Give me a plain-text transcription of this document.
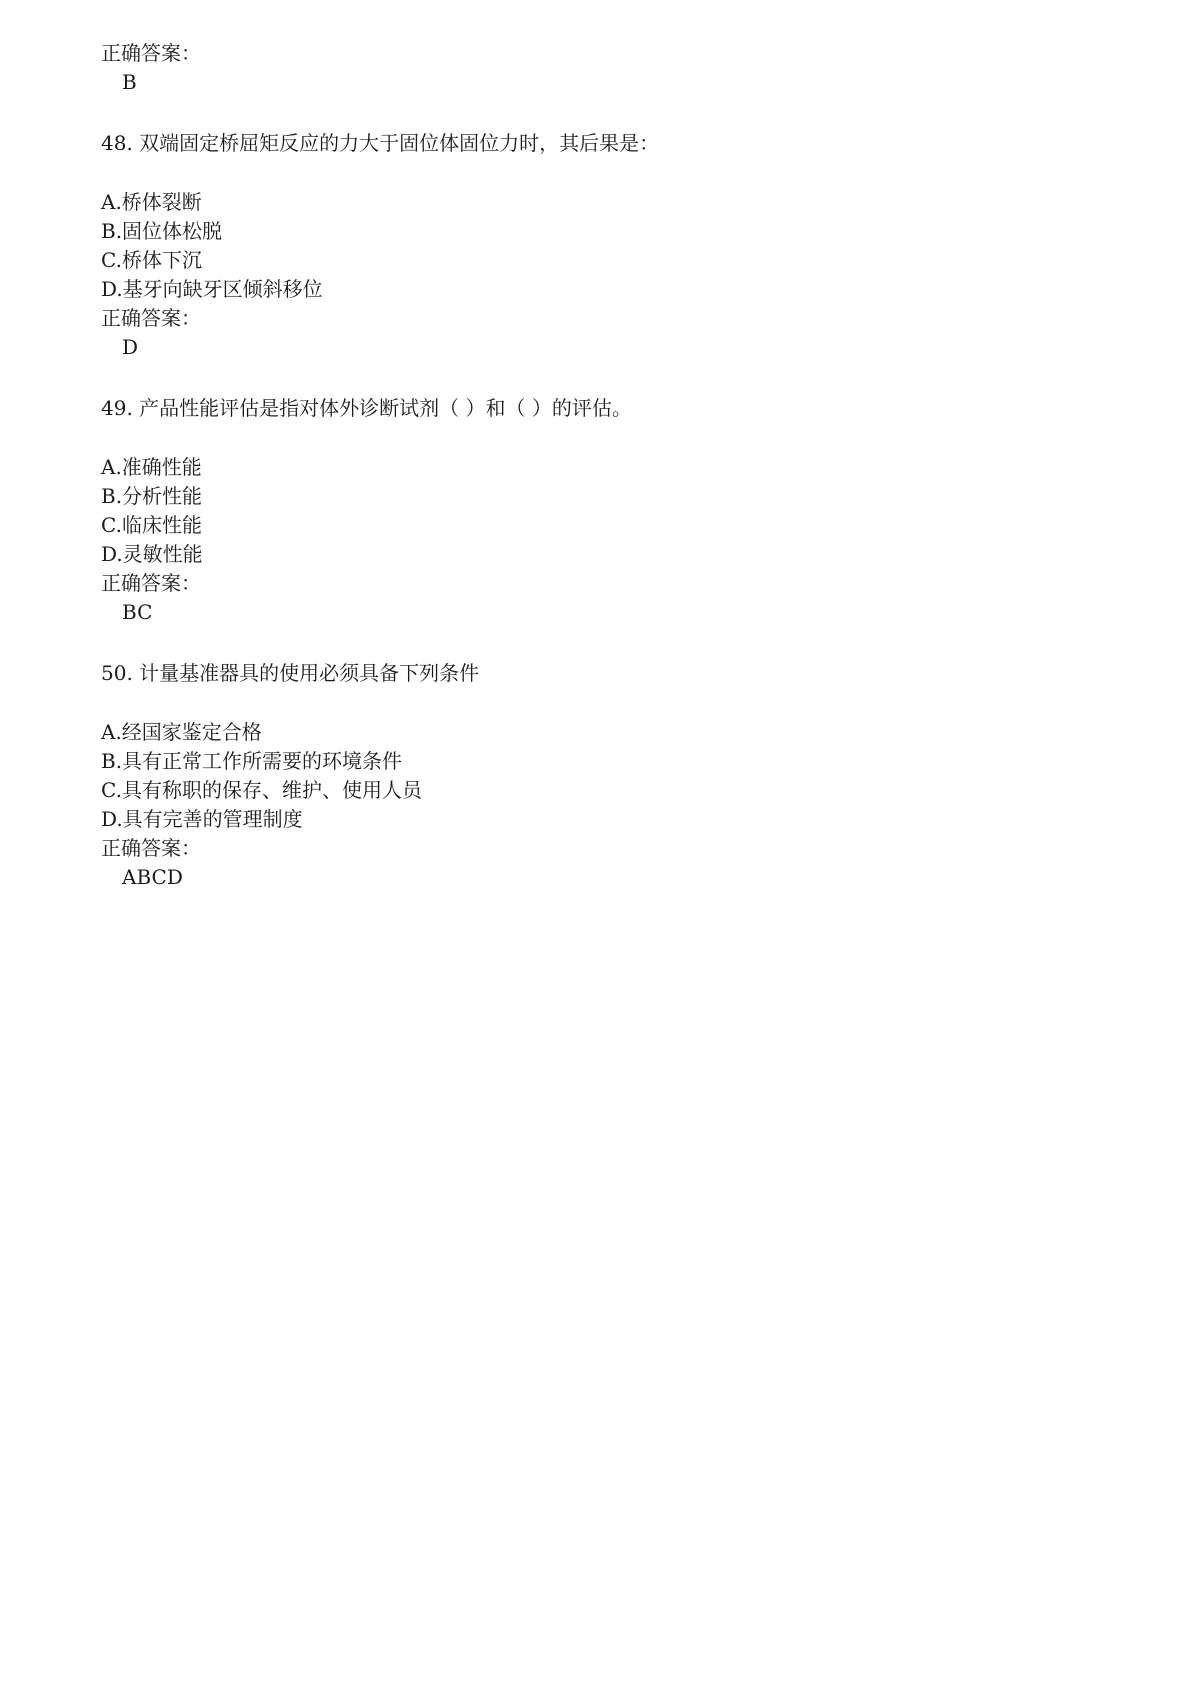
正确答案：
B
48. 双端固定桥屈矩反应的力大于固位体固位力时，其后果是：
A.桥体裂断
B.固位体松脱
C.桥体下沉
D.基牙向缺牙区倾斜移位
正确答案：
D
49. 产品性能评估是指对体外诊断试剂（ ）和（ ）的评估。
A.准确性能
B.分析性能
C.临床性能
D.灵敏性能
正确答案：
BC
50. 计量基准器具的使用必须具备下列条件
A.经国家鉴定合格
B.具有正常工作所需要的环境条件
C.具有称职的保存、维护、使用人员
D.具有完善的管理制度
正确答案：
ABCD
